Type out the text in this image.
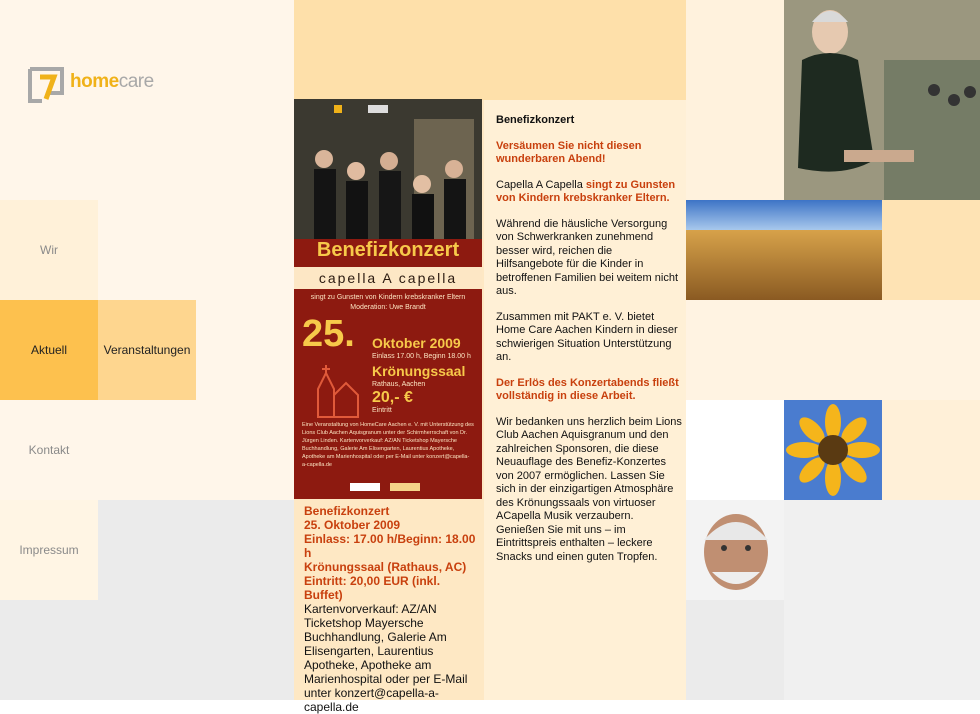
homecare
Wir
Aktuell	Veranstaltungen
Kontakt
Impressum
Benefizkonzert
capella A capella
singt zu Gunsten von Kindern krebskranker Eltern
Moderation: Uwe Brandt
25. Oktober 2009
Einlass 17.00 h, Beginn 18.00 h
Krönungssaal
Rathaus, Aachen
20,- €
Eintritt
Eine Veranstaltung von HomeCare Aachen e. V. mit Unterstützung des Lions Club Aachen Aquisgranum unter der Schirmherrschaft von Dr. Jürgen Linden. Kartenvorverkauf: AZ/AN Ticketshop Mayersche Buchhandlung, Galerie Am Elisengarten, Laurentius Apotheke, Apotheke am Marienhospital oder per E-Mail unter konzert@capella-a-capella.de
Benefizkonzert
25. Oktober 2009
Einlass: 17.00 h/Beginn: 18.00 h
Krönungssaal (Rathaus, AC)
Eintritt: 20,00 EUR (inkl. Buffet)
Kartenvorverkauf: AZ/AN Ticketshop Mayersche Buchhandlung, Galerie Am Elisengarten, Laurentius Apotheke, Apotheke am Marienhospital oder per E-Mail unter konzert@capella-a-capella.de

Benefizkonzert

Versäumen Sie nicht diesen wunderbaren Abend!

Capella A Capella singt zu Gunsten von Kindern krebskranker Eltern.

Während die häusliche Versorgung von Schwerkranken zunehmend besser wird, reichen die Hilfsangebote für die Kinder in betroffenen Familien bei weitem nicht aus.

Zusammen mit PAKT e. V. bietet Home Care Aachen Kindern in dieser schwierigen Situation Unterstützung an.

Der Erlös des Konzertabends fließt vollständig in diese Arbeit.

Wir bedanken uns herzlich beim Lions Club Aachen Aquisgranum und den zahlreichen Sponsoren, die diese Neuauflage des Benefiz-Konzertes von 2007 ermöglichen. Lassen Sie sich in der einzigartigen Atmosphäre des Krönungssaals von virtuoser ACapella Musik verzaubern. Genießen Sie mit uns – im Eintrittspreis enthalten – leckere Snacks und einen guten Tropfen.
